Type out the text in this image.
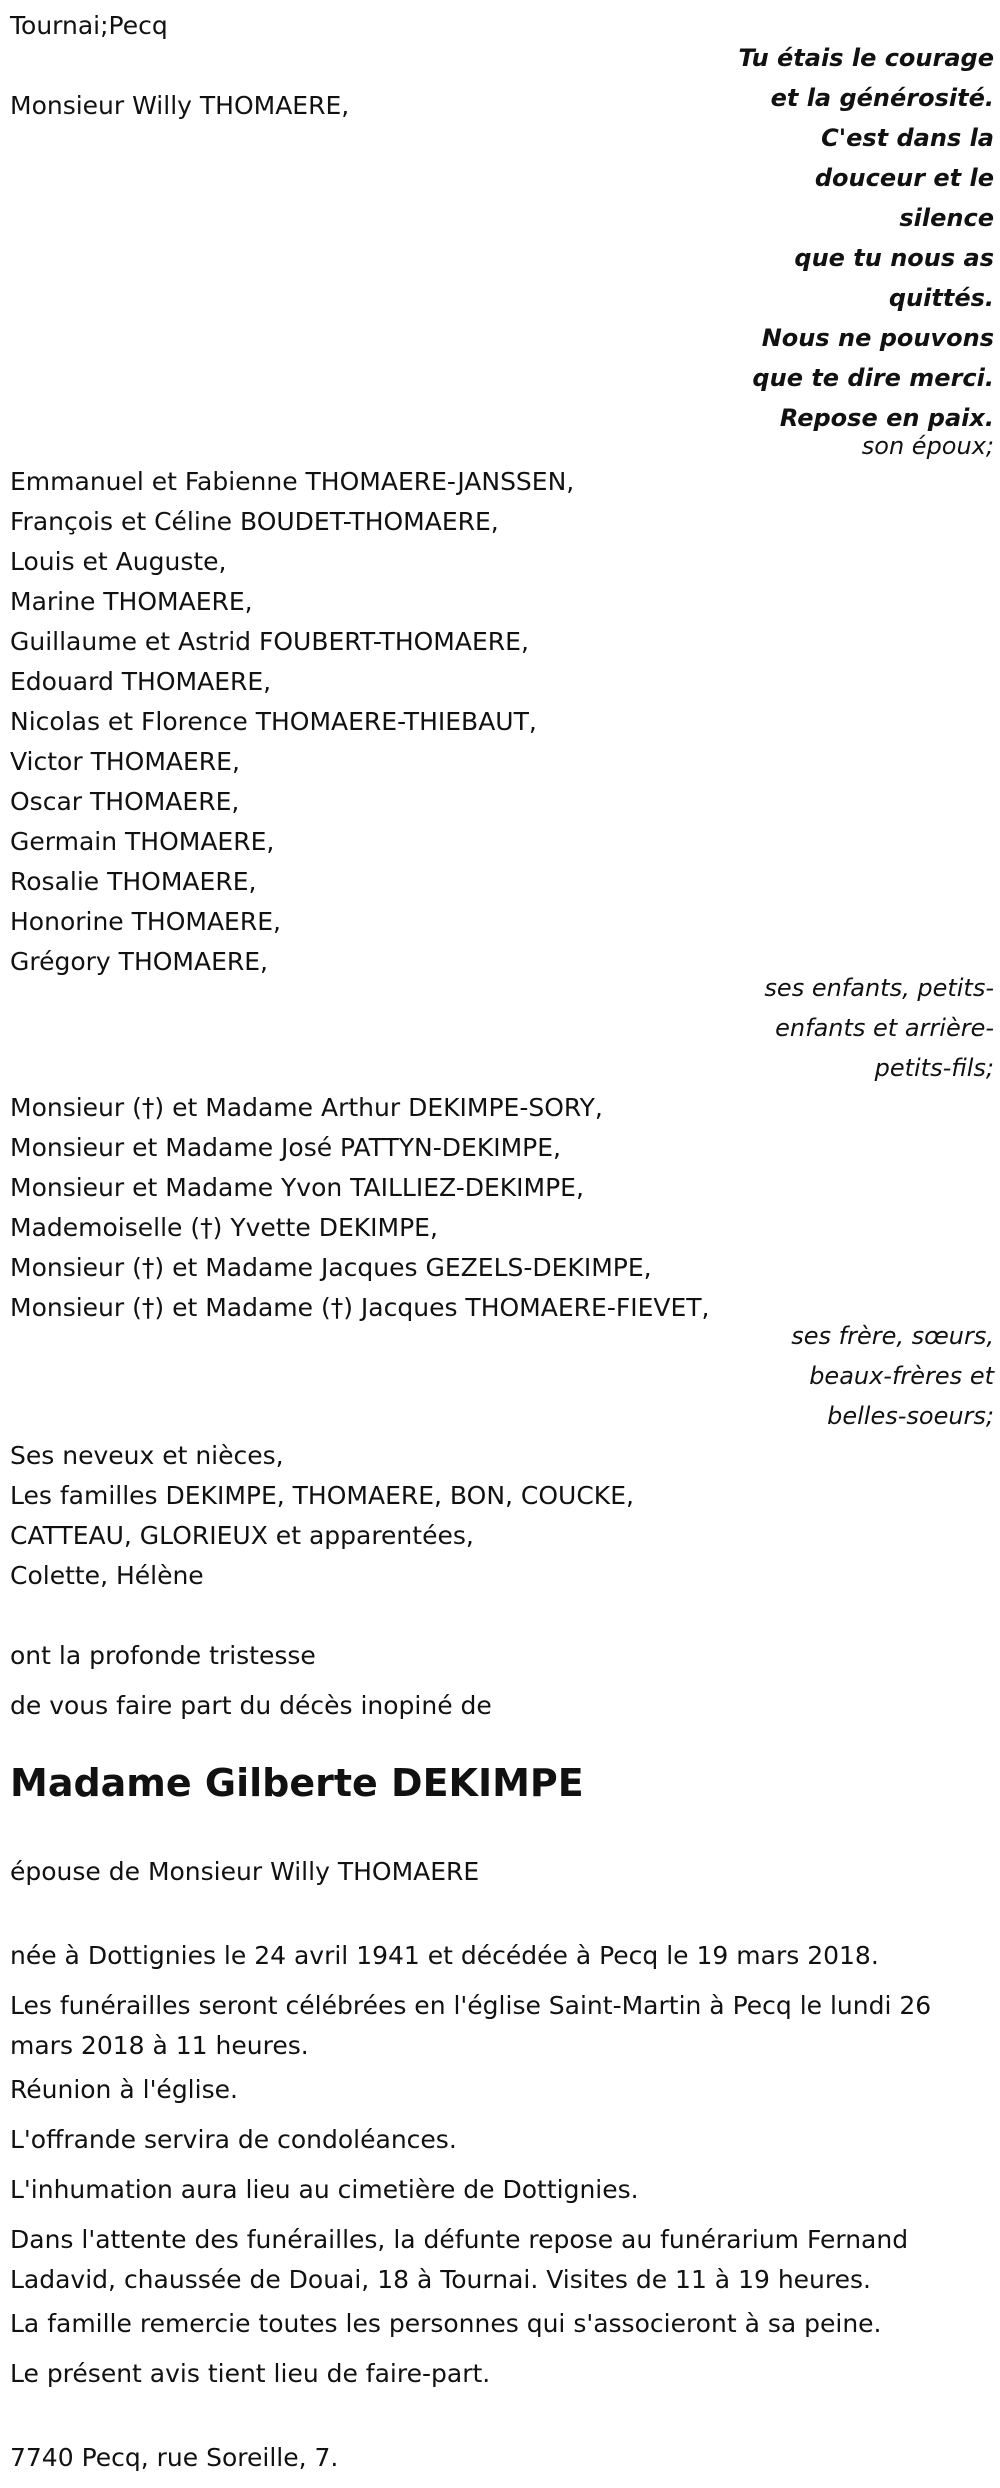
Tournai;Pecq
Monsieur Willy THOMAERE,
Tu étais le courage
et la générosité.
C'est dans la
douceur et le
silence
que tu nous as
quittés.
Nous ne pouvons
que te dire merci.
Repose en paix.
son époux;
Emmanuel et Fabienne THOMAERE-JANSSEN,
François et Céline BOUDET-THOMAERE,
Louis et Auguste,
Marine THOMAERE,
Guillaume et Astrid FOUBERT-THOMAERE,
Edouard THOMAERE,
Nicolas et Florence THOMAERE-THIEBAUT,
Victor THOMAERE,
Oscar THOMAERE,
Germain THOMAERE,
Rosalie THOMAERE,
Honorine THOMAERE,
Grégory THOMAERE,
ses enfants, petits-
enfants et arrière-
petits-fils;
Monsieur (†) et Madame Arthur DEKIMPE-SORY,
Monsieur et Madame José PATTYN-DEKIMPE,
Monsieur et Madame Yvon TAILLIEZ-DEKIMPE,
Mademoiselle (†) Yvette DEKIMPE,
Monsieur (†) et Madame Jacques GEZELS-DEKIMPE,
Monsieur (†) et Madame (†) Jacques THOMAERE-FIEVET,
ses frère, sœurs,
beaux-frères et
belles-soeurs;
Ses neveux et nièces,
Les familles DEKIMPE, THOMAERE, BON, COUCKE,
CATTEAU, GLORIEUX et apparentées,
Colette, Hélène
ont la profonde tristesse
de vous faire part du décès inopiné de
Madame Gilberte DEKIMPE
épouse de Monsieur Willy THOMAERE
née à Dottignies le 24 avril 1941 et décédée à Pecq le 19 mars 2018.
Les funérailles seront célébrées en l'église Saint-Martin à Pecq le lundi 26 mars 2018 à 11 heures.
Réunion à l'église.
L'offrande servira de condoléances.
L'inhumation aura lieu au cimetière de Dottignies.
Dans l'attente des funérailles, la défunte repose au funérarium Fernand Ladavid, chaussée de Douai, 18 à Tournai. Visites de 11 à 19 heures.
La famille remercie toutes les personnes qui s'associeront à sa peine.
Le présent avis tient lieu de faire-part.
7740 Pecq, rue Soreille, 7.
